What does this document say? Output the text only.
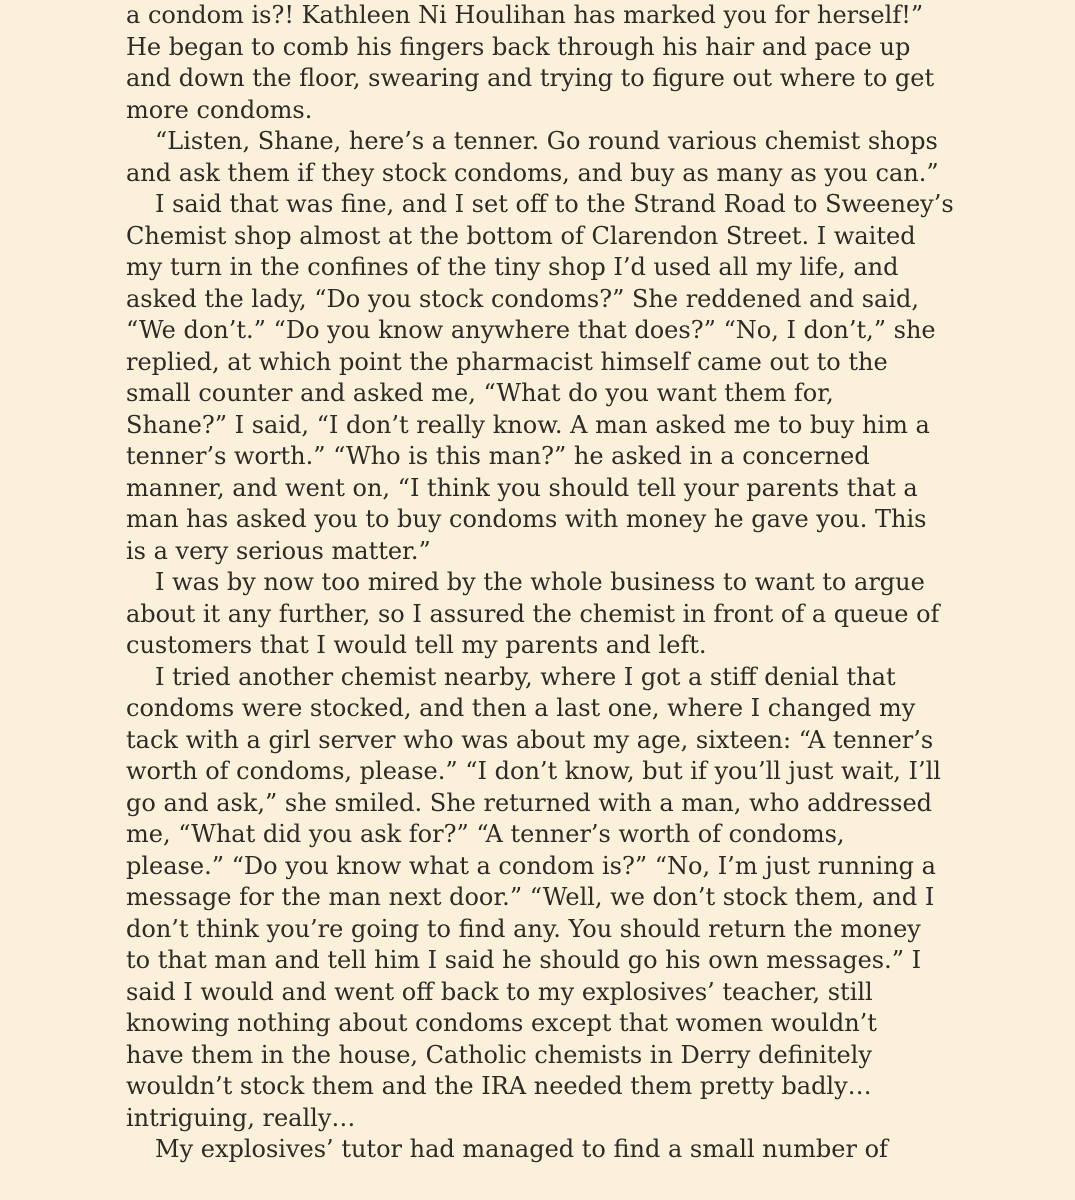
a condom is?! Kathleen Ni Houlihan has marked you for herself!”
He began to comb his fingers back through his hair and pace up
and down the floor, swearing and trying to figure out where to get
more condoms.
“Listen, Shane, here’s a tenner. Go round various chemist shops
and ask them if they stock condoms, and buy as many as you can.”
I said that was fine, and I set off to the Strand Road to Sweeney’s
Chemist shop almost at the bottom of Clarendon Street. I waited
my turn in the confines of the tiny shop I’d used all my life, and
asked the lady, “Do you stock condoms?” She reddened and said,
“We don’t.” “Do you know anywhere that does?” “No, I don’t,” she
replied, at which point the pharmacist himself came out to the
small counter and asked me, “What do you want them for,
Shane?” I said, “I don’t really know. A man asked me to buy him a
tenner’s worth.” “Who is this man?” he asked in a concerned
manner, and went on, “I think you should tell your parents that a
man has asked you to buy condoms with money he gave you. This
is a very serious matter.”
I was by now too mired by the whole business to want to argue
about it any further, so I assured the chemist in front of a queue of
customers that I would tell my parents and left.
I tried another chemist nearby, where I got a stiff denial that
condoms were stocked, and then a last one, where I changed my
tack with a girl server who was about my age, sixteen: “A tenner’s
worth of condoms, please.” “I don’t know, but if you’ll just wait, I’ll
go and ask,” she smiled. She returned with a man, who addressed
me, “What did you ask for?” “A tenner’s worth of condoms,
please.” “Do you know what a condom is?” “No, I’m just running a
message for the man next door.” “Well, we don’t stock them, and I
don’t think you’re going to find any. You should return the money
to that man and tell him I said he should go his own messages.” I
said I would and went off back to my explosives’ teacher, still
knowing nothing about condoms except that women wouldn’t
have them in the house, Catholic chemists in Derry definitely
wouldn’t stock them and the IRA needed them pretty badly…
intriguing, really…
My explosives’ tutor had managed to find a small number of
